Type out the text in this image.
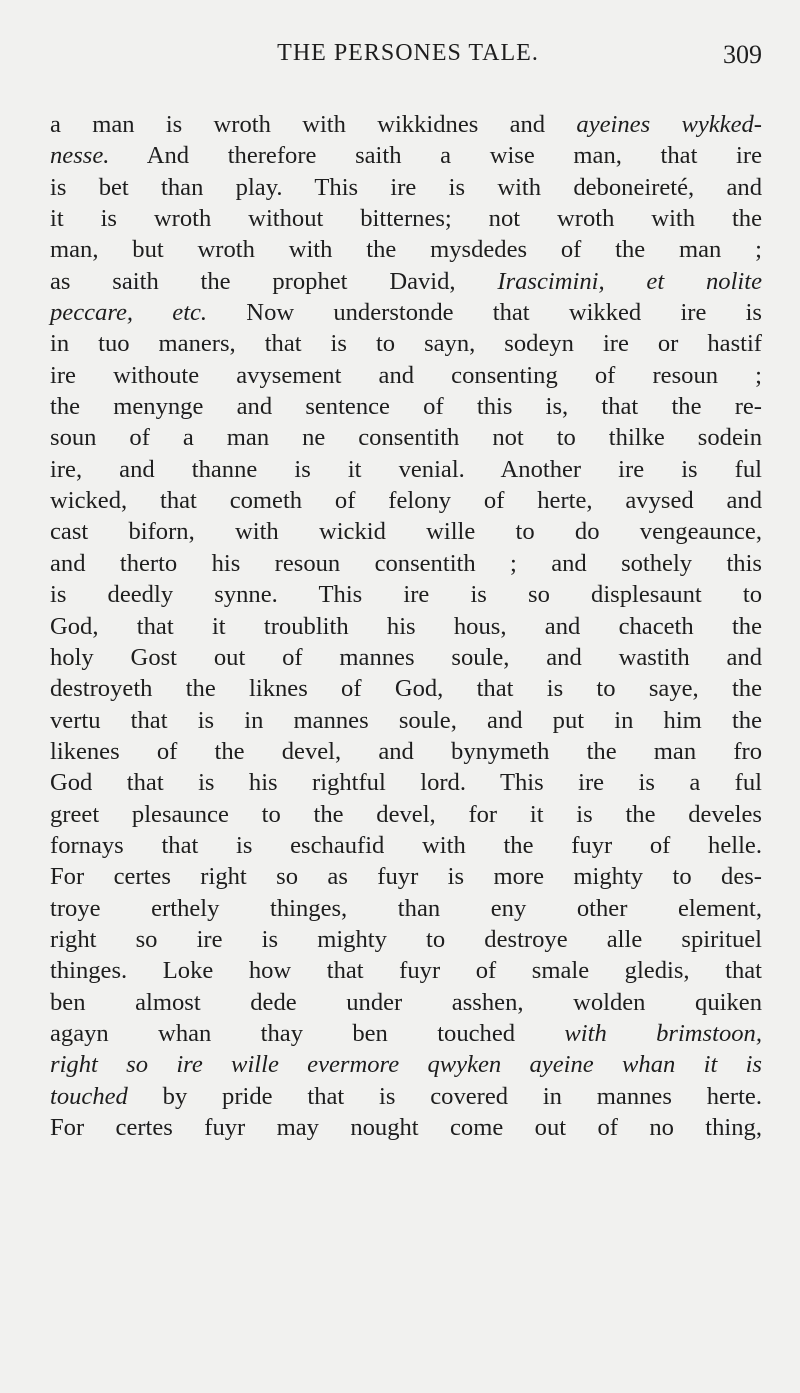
THE PERSONES TALE.	309
a man is wroth with wikkidnes and ayeines wykked-
nesse. And therefore saith a wise man, that ire
is bet than play. This ire is with deboneireté, and
it is wroth without bitternes; not wroth with the
man, but wroth with the mysdedes of the man ;
as saith the prophet David, Irascimini, et nolite
peccare, etc. Now understonde that wikked ire is
in tuo maners, that is to sayn, sodeyn ire or hastif
ire withoute avysement and consenting of resoun ;
the menynge and sentence of this is, that the re-
soun of a man ne consentith not to thilke sodein
ire, and thanne is it venial. Another ire is ful
wicked, that cometh of felony of herte, avysed and
cast biforn, with wickid wille to do vengeaunce,
and therto his resoun consentith ; and sothely this
is deedly synne. This ire is so displesaunt to
God, that it troublith his hous, and chaceth the
holy Gost out of mannes soule, and wastith and
destroyeth the liknes of God, that is to saye, the
vertu that is in mannes soule, and put in him the
likenes of the devel, and bynymeth the man fro
God that is his rightful lord. This ire is a ful
greet plesaunce to the devel, for it is the develes
fornays that is eschaufid with the fuyr of helle.
For certes right so as fuyr is more mighty to des-
troye erthely thinges, than eny other element,
right so ire is mighty to destroye alle spirituel
thinges. Loke how that fuyr of smale gledis, that
ben almost dede under asshen, wolden quiken
agayn whan thay ben touched with brimstoon,
right so ire wille evermore qwyken ayeine whan it is
touched by pride that is covered in mannes herte.
For certes fuyr may nought come out of no thing,
